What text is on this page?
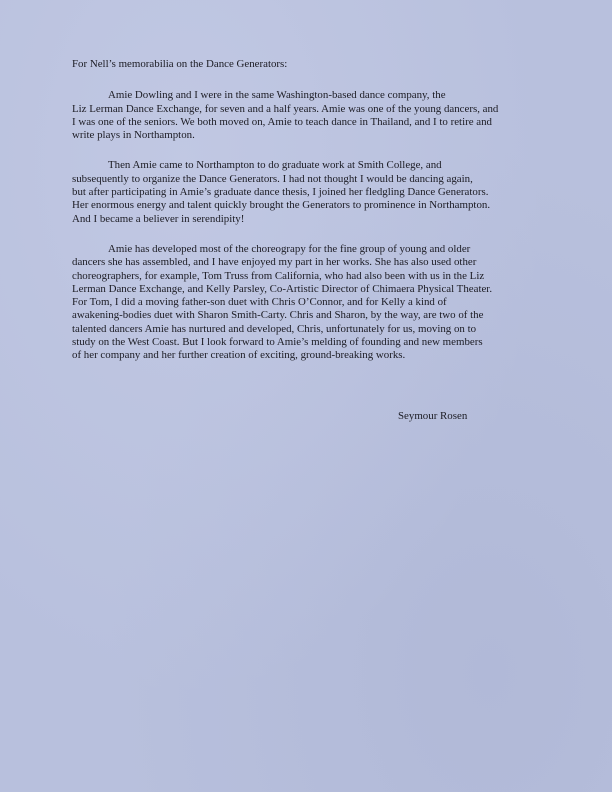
For Nell’s memorabilia on the Dance Generators:
Amie Dowling and I were in the same Washington-based dance company, the
Liz Lerman Dance Exchange, for seven and a half years. Amie was one of the young dancers, and
I was one of the seniors. We both moved on, Amie to teach dance in Thailand, and I to retire and
write plays in Northampton.
Then Amie came to Northampton to do graduate work at Smith College, and
subsequently to organize the Dance Generators. I had not thought I would be dancing again,
but after participating in Amie’s graduate dance thesis, I joined her fledgling Dance Generators.
Her enormous energy and talent quickly brought the Generators to prominence in Northampton.
And I became a believer in serendipity!
Amie has developed most of the choreograpy for the fine group of young and older
dancers she has assembled, and I have enjoyed my part in her works. She has also used other
choreographers, for example, Tom Truss from California, who had also been with us in the Liz
Lerman Dance Exchange, and Kelly Parsley, Co-Artistic Director of Chimaera Physical Theater.
For Tom, I did a moving father-son duet with Chris O’Connor, and for Kelly a kind of
awakening-bodies duet with Sharon Smith-Carty. Chris and Sharon, by the way, are two of the
talented dancers Amie has nurtured and developed, Chris, unfortunately for us, moving on to
study on the West Coast. But I look forward to Amie’s melding of founding and new members
of her company and her further creation of exciting, ground-breaking works.
Seymour Rosen
